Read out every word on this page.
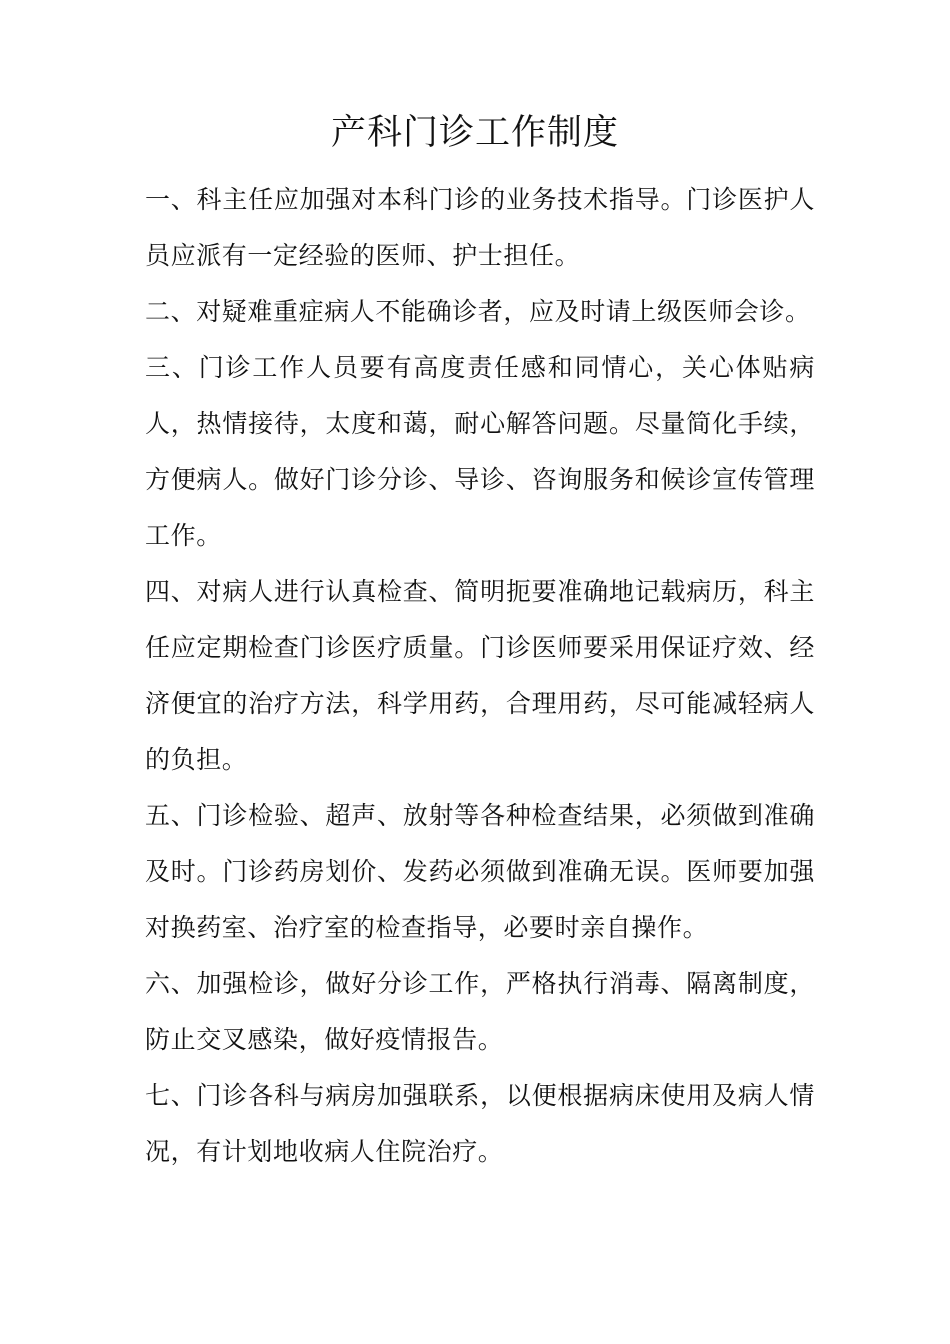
产科门诊工作制度

一、科主任应加强对本科门诊的业务技术指导。门诊医护人员应派有一定经验的医师、护士担任。

二、对疑难重症病人不能确诊者，应及时请上级医师会诊。

三、门诊工作人员要有高度责任感和同情心，关心体贴病人，热情接待，太度和蔼，耐心解答问题。尽量简化手续，方便病人。做好门诊分诊、导诊、咨询服务和候诊宣传管理工作。

四、对病人进行认真检查、简明扼要准确地记载病历，科主任应定期检查门诊医疗质量。门诊医师要采用保证疗效、经济便宜的治疗方法，科学用药，合理用药，尽可能减轻病人的负担。

五、门诊检验、超声、放射等各种检查结果，必须做到准确及时。门诊药房划价、发药必须做到准确无误。医师要加强对换药室、治疗室的检查指导，必要时亲自操作。

六、加强检诊，做好分诊工作，严格执行消毒、隔离制度，防止交叉感染，做好疫情报告。

七、门诊各科与病房加强联系，以便根据病床使用及病人情况，有计划地收病人住院治疗。
